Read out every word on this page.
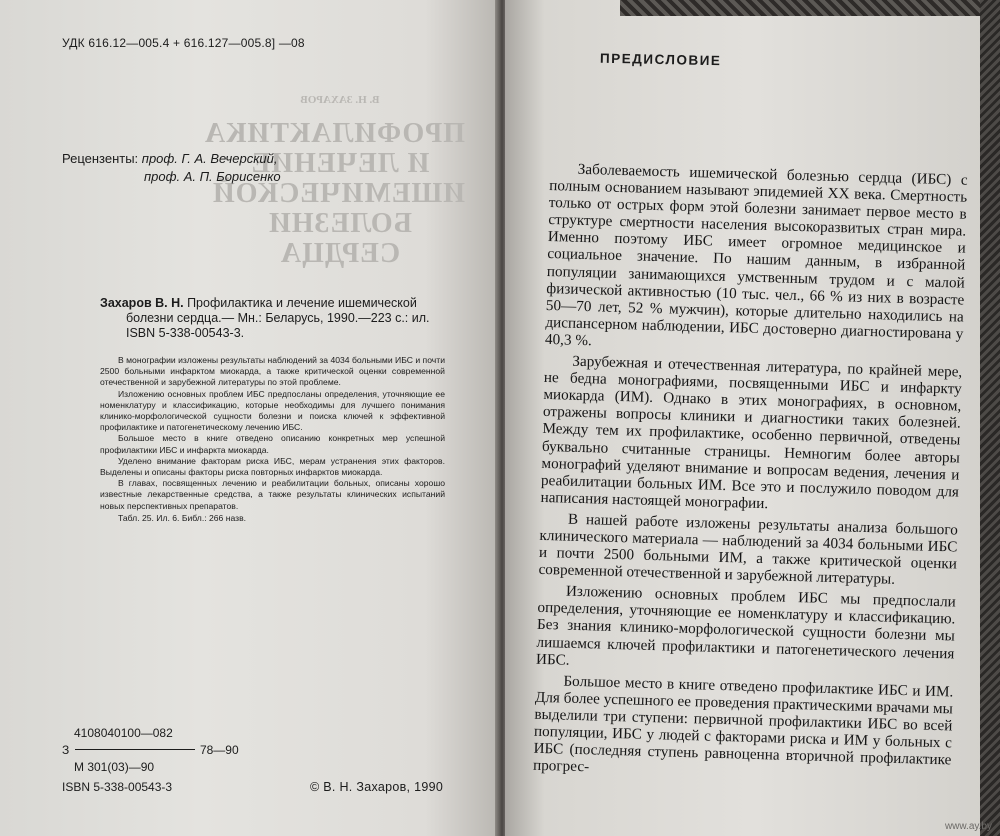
В. Н. ЗАХАРОВ
ПРОФИЛАКТИКА
И ЛЕЧЕНИЕ
ИШЕМИЧЕСКОЙ
БОЛЕЗНИ
СЕРДЦА
УДК 616.12—005.4 + 616.127—005.8] —08
Рецензенты: проф. Г. А. Вечерский,
проф. А. П. Борисенко
Захаров В. Н. Профилактика и лечение ишемической
болезни сердца.— Мн.: Беларусь, 1990.—223 с.: ил.
ISBN 5-338-00543-3.

В монографии изложены результаты наблюдений за 4034 больными ИБС и почти 2500 больными инфарктом миокарда, а также критической оценки современной отечественной и зарубежной литературы по этой проблеме.

Изложению основных проблем ИБС предпосланы определения, уточняющие ее номенклатуру и классификацию, которые необходимы для лучшего понимания клинико-морфологической сущности болезни и поиска ключей к эффективной профилактике и патогенетическому лечению ИБС.

Большое место в книге отведено описанию конкретных мер успешной профилактики ИБС и инфаркта миокарда.

Уделено внимание факторам риска ИБС, мерам устранения этих факторов. Выделены и описаны факторы риска повторных инфарктов миокарда.

В главах, посвященных лечению и реабилитации больных, описаны хорошо известные лекарственные средства, а также результаты клинических испытаний новых перспективных препаратов.

Табл. 25. Ил. 6. Библ.: 266 назв.

4108040100—082
З	78—90
М 301(03)—90
ISBN 5-338-00543-3	© В. Н. Захаров, 1990
ПРЕДИСЛОВИЕ

Заболеваемость ишемической болезнью сердца (ИБС) с полным основанием называют эпидемией XX века. Смертность только от острых форм этой болезни занимает первое место в структуре смертности населения высокоразвитых стран мира. Именно поэтому ИБС имеет огромное медицинское и социальное значение. По нашим данным, в избранной популяции занимающихся умственным трудом и с малой физической активностью (10 тыс. чел., 66 % из них в возрасте 50—70 лет, 52 % мужчин), которые длительно находились на диспансерном наблюдении, ИБС достоверно диагностирована у 40,3 %.

Зарубежная и отечественная литература, по крайней мере, не бедна монографиями, посвященными ИБС и инфаркту миокарда (ИМ). Однако в этих монографиях, в основном, отражены вопросы клиники и диагностики таких болезней. Между тем их профилактике, особенно первичной, отведены буквально считанные страницы. Немногим более авторы монографий уделяют внимание и вопросам ведения, лечения и реабилитации больных ИМ. Все это и послужило поводом для написания настоящей монографии.

В нашей работе изложены результаты анализа большого клинического материала — наблюдений за 4034 больными ИБС и почти 2500 больными ИМ, а также критической оценки современной отечественной и зарубежной литературы.

Изложению основных проблем ИБС мы предпослали определения, уточняющие ее номенклатуру и классификацию. Без знания клинико-морфологической сущности болезни мы лишаемся ключей профилактики и патогенетического лечения ИБС.

Большое место в книге отведено профилактике ИБС и ИМ. Для более успешного ее проведения практическими врачами мы выделили три ступени: первичной профилактики ИБС во всей популяции, ИБС у людей с факторами риска и ИМ у больных с ИБС (последняя ступень равноценна вторичной профилактике прогрес-

www.ay.by
